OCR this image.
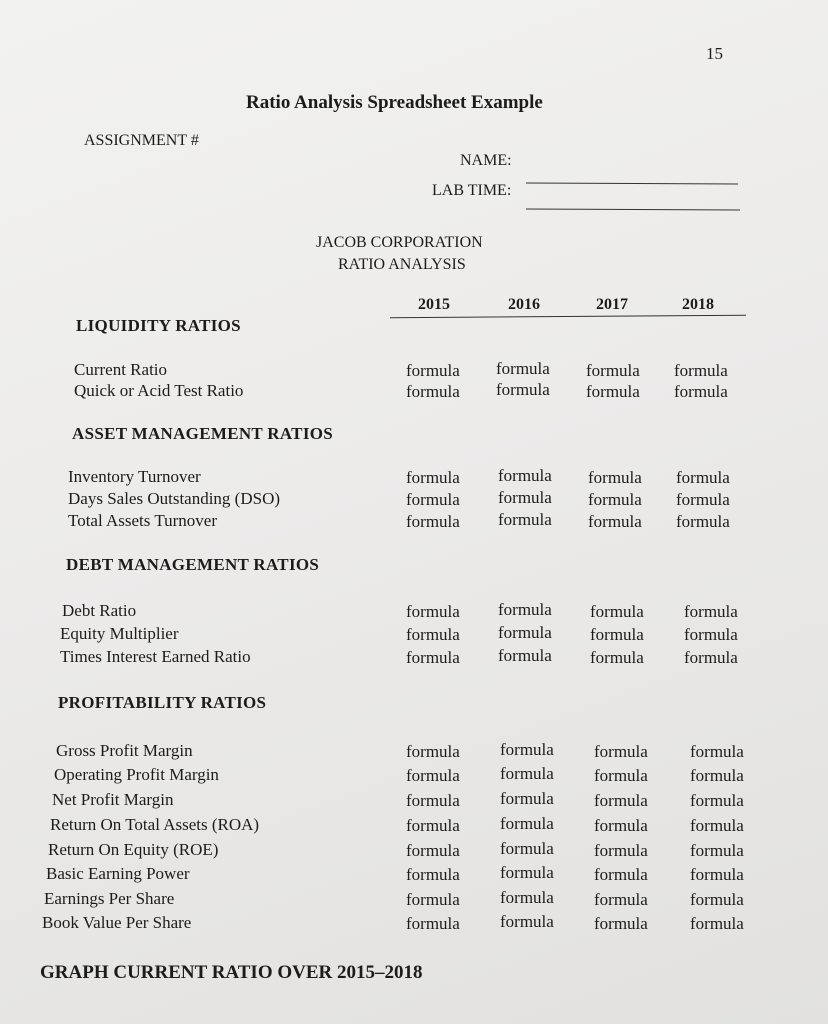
15
Ratio Analysis Spreadsheet Example
ASSIGNMENT #
NAME:
LAB TIME:
JACOB CORPORATION
RATIO ANALYSIS
2015	2016	2017	2018
LIQUIDITY RATIOS
Current Ratio	formula formula formula formula
Quick or Acid Test Ratio	formula formula formula formula
ASSET MANAGEMENT RATIOS
Inventory Turnover	formula formula formula formula
Days Sales Outstanding (DSO)	formula formula formula formula
Total Assets Turnover	formula formula formula formula
DEBT MANAGEMENT RATIOS
Debt Ratio	formula formula formula formula
Equity Multiplier	formula formula formula formula
Times Interest Earned Ratio	formula formula formula formula
PROFITABILITY RATIOS
Gross Profit Margin	formula formula formula formula
Operating Profit Margin	formula formula formula formula
Net Profit Margin	formula formula formula formula
Return On Total Assets (ROA)	formula formula formula formula
Return On Equity (ROE)	formula formula formula formula
Basic Earning Power	formula formula formula formula
Earnings Per Share	formula formula formula formula
Book Value Per Share	formula formula formula formula
GRAPH CURRENT RATIO OVER 2015–2018
